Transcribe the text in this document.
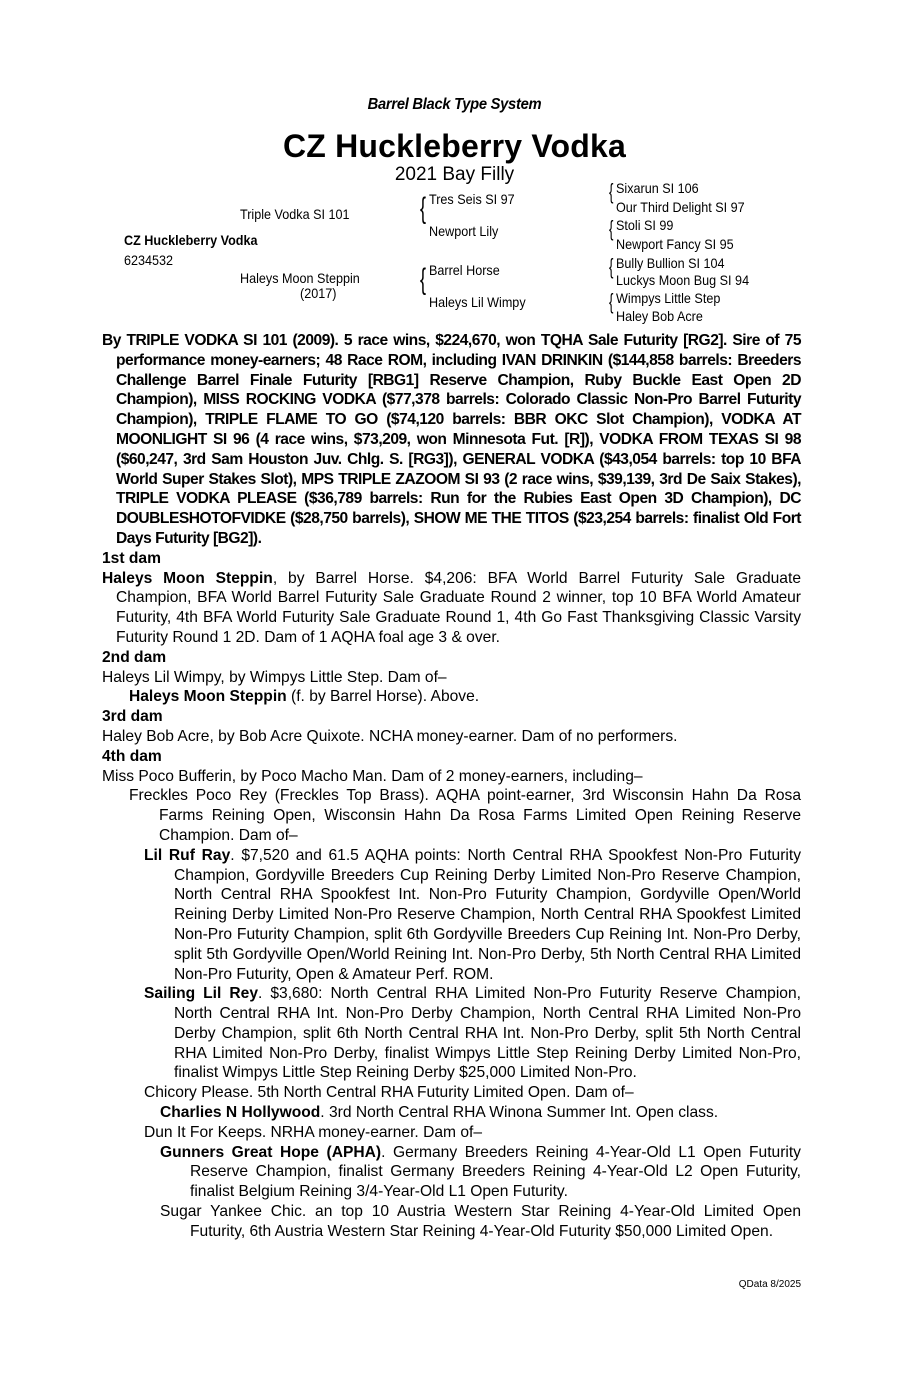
Barrel Black Type System
CZ Huckleberry Vodka
2021 Bay Filly
CZ Huckleberry Vodka
6234532
Triple Vodka SI 101
Haleys Moon Steppin
(2017)
{ Tres Seis SI 97
Newport Lily
{ Barrel Horse
Haleys Lil Wimpy
{ Sixarun SI 106
Our Third Delight SI 97
{ Stoli SI 99
Newport Fancy SI 95
{ Bully Bullion SI 104
Luckys Moon Bug SI 94
{ Wimpys Little Step
Haley Bob Acre
By TRIPLE VODKA SI 101 (2009). 5 race wins, $224,670, won TQHA Sale Futurity [RG2]. Sire of 75 performance money-earners; 48 Race ROM, including IVAN DRINKIN ($144,858 barrels: Breeders Challenge Barrel Finale Futurity [RBG1] Reserve Champion, Ruby Buckle East Open 2D Champion), MISS ROCKING VODKA ($77,378 barrels: Colorado Classic Non-Pro Barrel Futurity Champion), TRIPLE FLAME TO GO ($74,120 barrels: BBR OKC Slot Champion), VODKA AT MOONLIGHT SI 96 (4 race wins, $73,209, won Minnesota Fut. [R]), VODKA FROM TEXAS SI 98 ($60,247, 3rd Sam Houston Juv. Chlg. S. [RG3]), GENERAL VODKA ($43,054 barrels: top 10 BFA World Super Stakes Slot), MPS TRIPLE ZAZOOM SI 93 (2 race wins, $39,139, 3rd De Saix Stakes), TRIPLE VODKA PLEASE ($36,789 barrels: Run for the Rubies East Open 3D Champion), DC DOUBLESHOTOFVIDKE ($28,750 barrels), SHOW ME THE TITOS ($23,254 barrels: finalist Old Fort Days Futurity [BG2]).
1st dam
Haleys Moon Steppin, by Barrel Horse. $4,206: BFA World Barrel Futurity Sale Graduate Champion, BFA World Barrel Futurity Sale Graduate Round 2 winner, top 10 BFA World Amateur Futurity, 4th BFA World Futurity Sale Graduate Round 1, 4th Go Fast Thanksgiving Classic Varsity Futurity Round 1 2D. Dam of 1 AQHA foal age 3 & over.
2nd dam
Haleys Lil Wimpy, by Wimpys Little Step. Dam of–
Haleys Moon Steppin (f. by Barrel Horse). Above.
3rd dam
Haley Bob Acre, by Bob Acre Quixote. NCHA money-earner. Dam of no performers.
4th dam
Miss Poco Bufferin, by Poco Macho Man. Dam of 2 money-earners, including–
Freckles Poco Rey (Freckles Top Brass). AQHA point-earner, 3rd Wisconsin Hahn Da Rosa Farms Reining Open, Wisconsin Hahn Da Rosa Farms Limited Open Reining Reserve Champion. Dam of–
Lil Ruf Ray. $7,520 and 61.5 AQHA points: North Central RHA Spookfest Non-Pro Futurity Champion, Gordyville Breeders Cup Reining Derby Limited Non-Pro Reserve Champion, North Central RHA Spookfest Int. Non-Pro Futurity Champion, Gordyville Open/World Reining Derby Limited Non-Pro Reserve Champion, North Central RHA Spookfest Limited Non-Pro Futurity Champion, split 6th Gordyville Breeders Cup Reining Int. Non-Pro Derby, split 5th Gordyville Open/World Reining Int. Non-Pro Derby, 5th North Central RHA Limited Non-Pro Futurity, Open & Amateur Perf. ROM.
Sailing Lil Rey. $3,680: North Central RHA Limited Non-Pro Futurity Reserve Champion, North Central RHA Int. Non-Pro Derby Champion, North Central RHA Limited Non-Pro Derby Champion, split 6th North Central RHA Int. Non-Pro Derby, split 5th North Central RHA Limited Non-Pro Derby, finalist Wimpys Little Step Reining Derby Limited Non-Pro, finalist Wimpys Little Step Reining Derby $25,000 Limited Non-Pro.
Chicory Please. 5th North Central RHA Futurity Limited Open. Dam of–
Charlies N Hollywood. 3rd North Central RHA Winona Summer Int. Open class.
Dun It For Keeps. NRHA money-earner. Dam of–
Gunners Great Hope (APHA). Germany Breeders Reining 4-Year-Old L1 Open Futurity Reserve Champion, finalist Germany Breeders Reining 4-Year-Old L2 Open Futurity, finalist Belgium Reining 3/4-Year-Old L1 Open Futurity.
Sugar Yankee Chic. an top 10 Austria Western Star Reining 4-Year-Old Limited Open Futurity, 6th Austria Western Star Reining 4-Year-Old Futurity $50,000 Limited Open.
QData 8/2025
